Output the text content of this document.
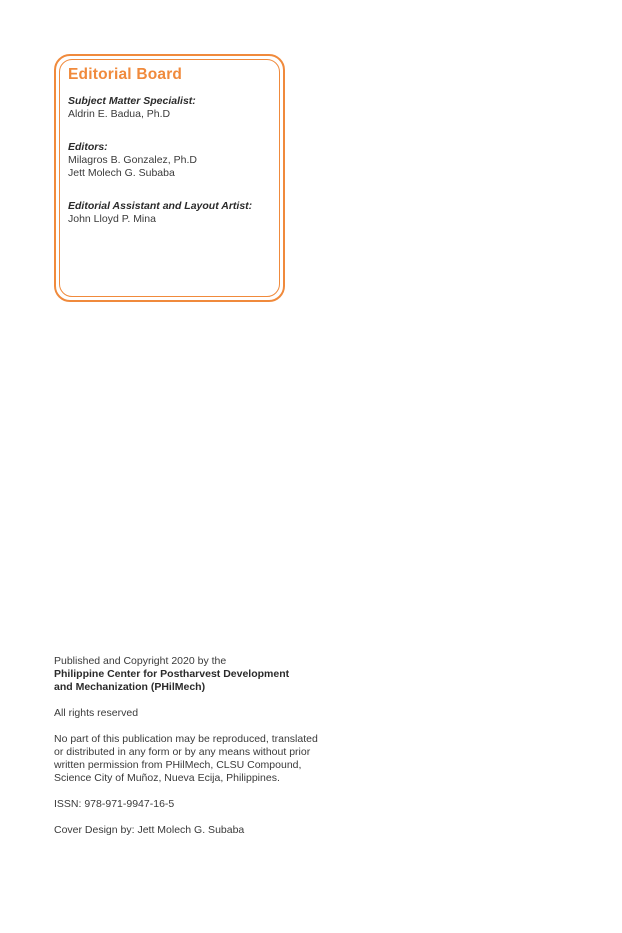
Editorial Board
Subject Matter Specialist:
Aldrin E. Badua, Ph.D
Editors:
Milagros B. Gonzalez, Ph.D
Jett Molech G. Subaba
Editorial Assistant and Layout Artist:
John Lloyd P. Mina

Published and Copyright 2020 by the
Philippine Center for Postharvest Development
and Mechanization (PHilMech)

All rights reserved

No part of this publication may be reproduced, translated
or distributed in any form or by any means without prior
written permission from PHilMech, CLSU Compound,
Science City of Muñoz, Nueva Ecija, Philippines.

ISSN: 978-971-9947-16-5

Cover Design by: Jett Molech G. Subaba
